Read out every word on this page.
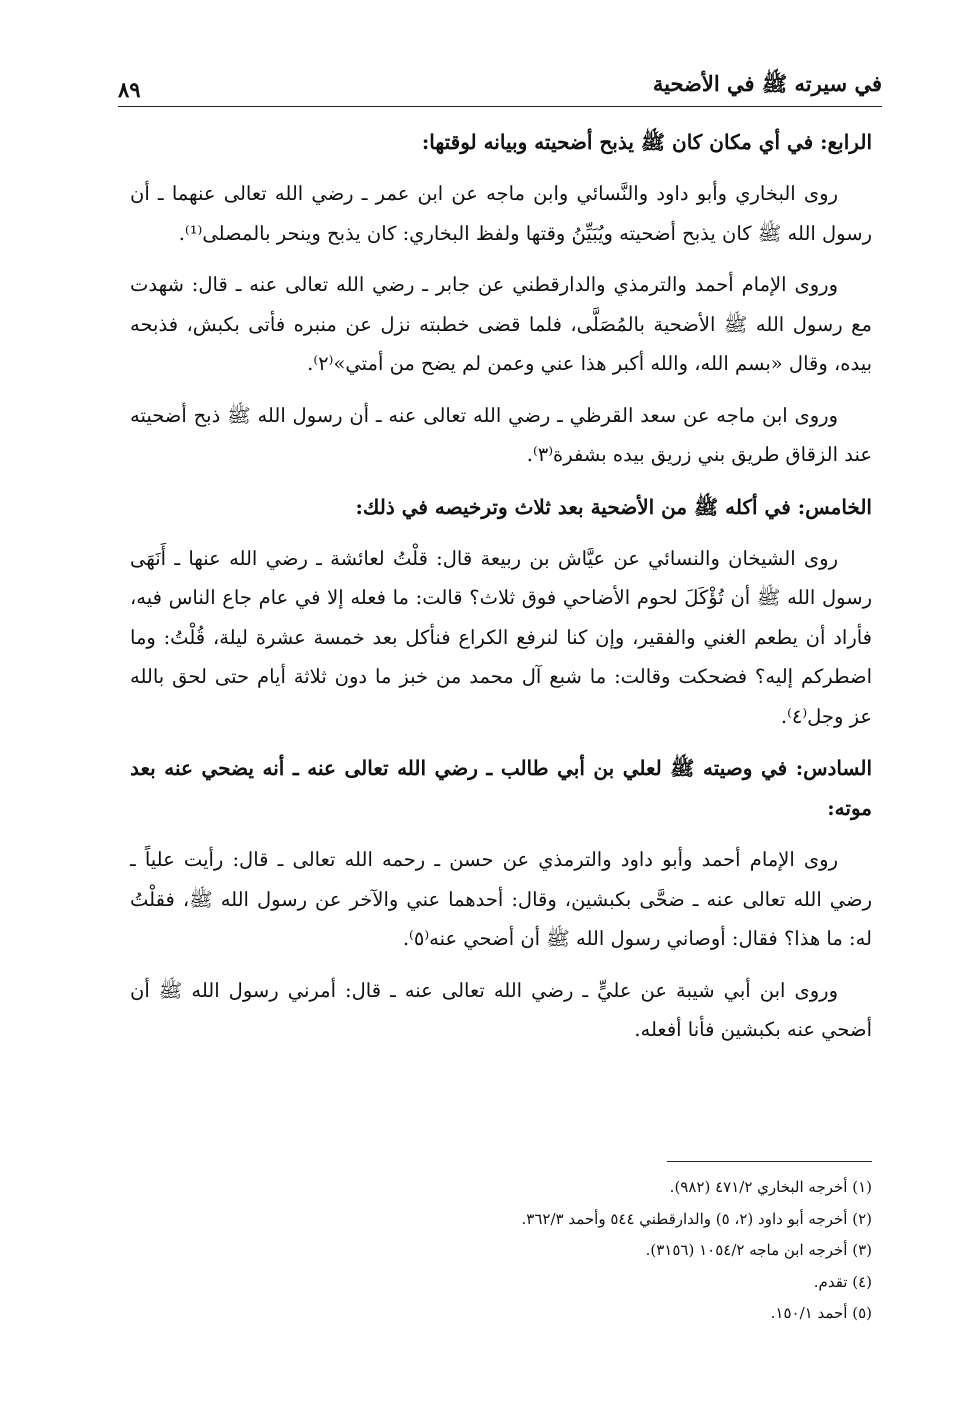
٨٩	في سيرته ﷺ في الأضحية

الرابع: في أي مكان كان ﷺ يذبح أضحيته وبيانه لوقتها:

روى البخاري وأبو داود والنَّسائي وابن ماجه عن ابن عمر ـ رضي الله تعالى عنهما ـ أن رسول الله ﷺ كان يذبح أضحيته ويُبَيِّنُ وقتها ولفظ البخاري: كان يذبح وينحر بالمصلى⁽¹⁾.

وروى الإمام أحمد والترمذي والدارقطني عن جابر ـ رضي الله تعالى عنه ـ قال: شهدت مع رسول الله ﷺ الأضحية بالمُصَلَّى، فلما قضى خطبته نزل عن منبره فأتى بكبش، فذبحه بيده، وقال «بسم الله، والله أكبر هذا عني وعمن لم يضح من أمتي»⁽٢⁾.

وروى ابن ماجه عن سعد القرظي ـ رضي الله تعالى عنه ـ أن رسول الله ﷺ ذبح أضحيته عند الزقاق طريق بني زريق بيده بشفرة⁽٣⁾.

الخامس: في أكله ﷺ من الأضحية بعد ثلاث وترخيصه في ذلك:

روى الشيخان والنسائي عن عيَّاش بن ربيعة قال: قلْتُ لعائشة ـ رضي الله عنها ـ أَنَهَى رسول الله ﷺ أن تُؤْكَلَ لحوم الأضاحي فوق ثلاث؟ قالت: ما فعله إلا في عام جاع الناس فيه، فأراد أن يطعم الغني والفقير، وإن كنا لنرفع الكراع فنأكل بعد خمسة عشرة ليلة، قُلْتُ: وما اضطركم إليه؟ فضحكت وقالت: ما شبع آل محمد من خبز ما دون ثلاثة أيام حتى لحق بالله عز وجل⁽٤⁾.

السادس: في وصيته ﷺ لعلي بن أبي طالب ـ رضي الله تعالى عنه ـ أنه يضحي عنه بعد موته:

روى الإمام أحمد وأبو داود والترمذي عن حسن ـ رحمه الله تعالى ـ قال: رأيت علياً ـ رضي الله تعالى عنه ـ ضحَّى بكبشين، وقال: أحدهما عني والآخر عن رسول الله ﷺ، فقلْتُ له: ما هذا؟ فقال: أوصاني رسول الله ﷺ أن أضحي عنه⁽٥⁾.

وروى ابن أبي شيبة عن عليٍّ ـ رضي الله تعالى عنه ـ قال: أمرني رسول الله ﷺ أن أضحي عنه بكبشين فأنا أفعله.

(١) أخرجه البخاري ٤٧١/٢ (٩٨٢).

(٢) أخرجه أبو داود (٢، ٥) والدارقطني ٥٤٤ وأحمد ٣٦٢/٣.

(٣) أخرجه ابن ماجه ١٠٥٤/٢ (٣١٥٦).

(٤) تقدم.

(٥) أحمد ١٥٠/١.
